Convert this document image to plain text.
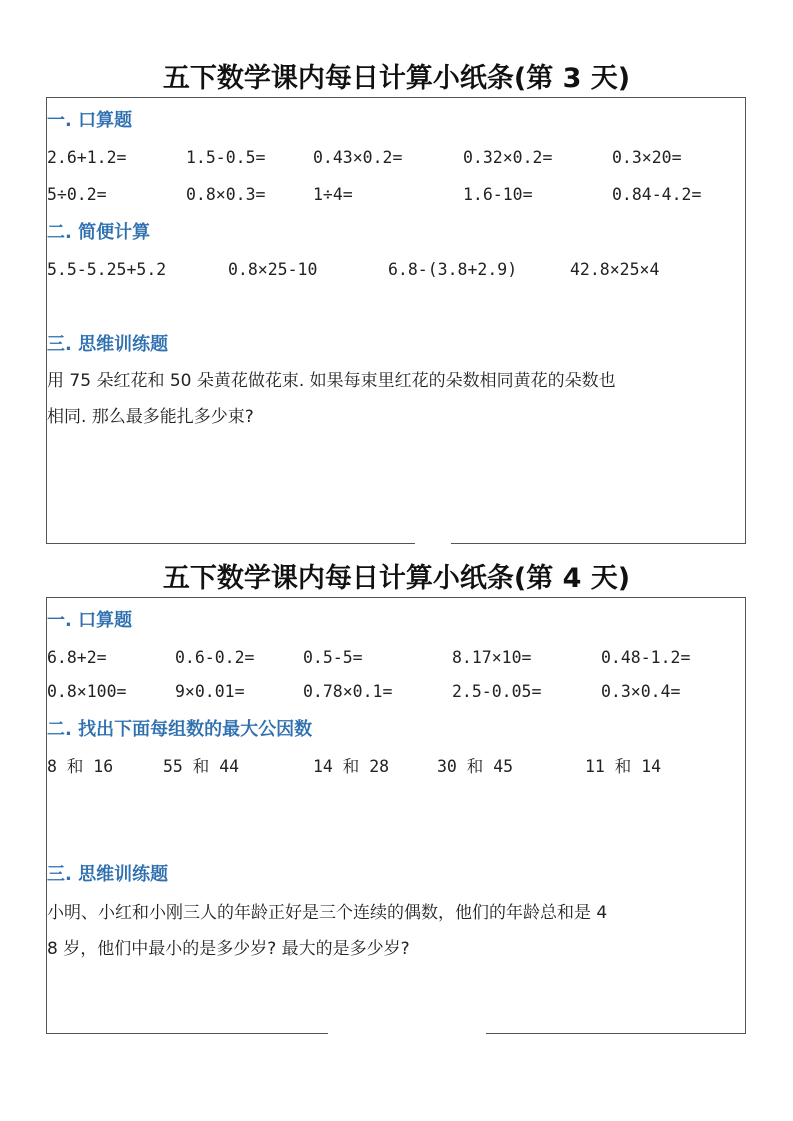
五下数学课内每日计算小纸条(第 3 天)
一. 口算题
2.6+1.2=	1.5-0.5=	0.43×0.2=	0.32×0.2=	0.3×20=
5÷0.2=	0.8×0.3=	1÷4=	1.6-10=	0.84-4.2=
二. 简便计算
5.5-5.25+5.2	0.8×25-10	6.8-(3.8+2.9)	42.8×25×4
三. 思维训练题
用 75 朵红花和 50 朵黄花做花束. 如果每束里红花的朵数相同黄花的朵数也
相同. 那么最多能扎多少束?
五下数学课内每日计算小纸条(第 4 天)
一. 口算题
6.8+2=	0.6-0.2=	0.5-5=	8.17×10=	0.48-1.2=
0.8×100=	9×0.01=	0.78×0.1=	2.5-0.05=	0.3×0.4=
二. 找出下面每组数的最大公因数
8 和 16	55 和 44	14 和 28	30 和 45	11 和 14
三. 思维训练题
小明、小红和小刚三人的年龄正好是三个连续的偶数，他们的年龄总和是 4
8 岁，他们中最小的是多少岁? 最大的是多少岁?
